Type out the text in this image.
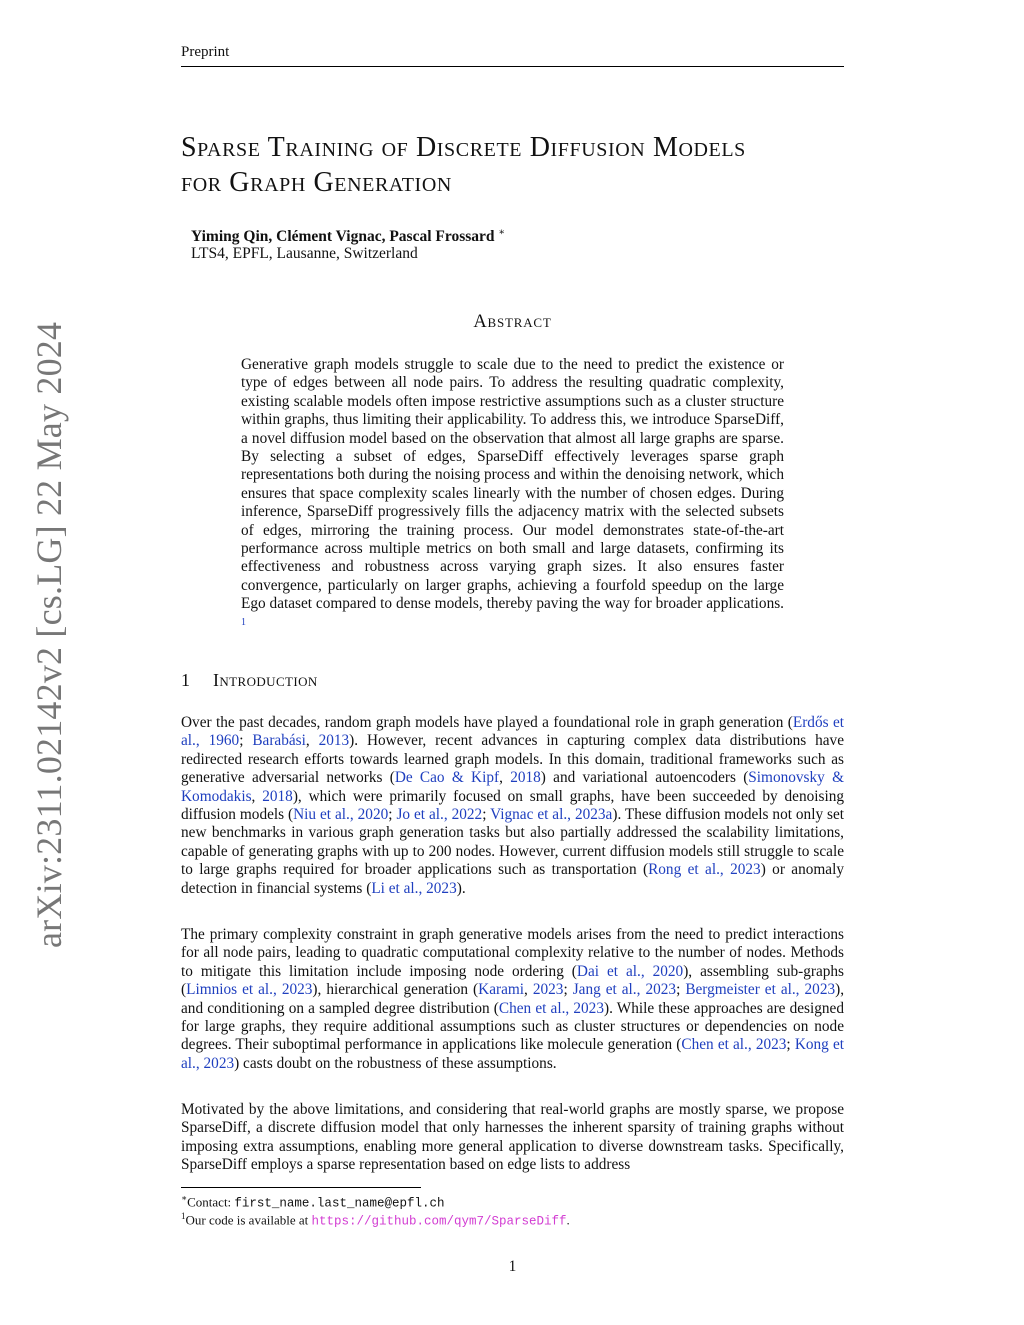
Preprint
arXiv:2311.02142v2 [cs.LG] 22 May 2024
Sparse Training of Discrete Diffusion Models
for Graph Generation
Yiming Qin, Clément Vignac, Pascal Frossard ∗
LTS4, EPFL, Lausanne, Switzerland
Abstract
Generative graph models struggle to scale due to the need to predict the existence or type of edges between all node pairs. To address the resulting quadratic complexity, existing scalable models often impose restrictive assumptions such as a cluster structure within graphs, thus limiting their applicability. To address this, we introduce SparseDiff, a novel diffusion model based on the observation that almost all large graphs are sparse. By selecting a subset of edges, SparseDiff effectively leverages sparse graph representations both during the noising process and within the denoising network, which ensures that space complexity scales linearly with the number of chosen edges. During inference, SparseDiff progressively fills the adjacency matrix with the selected subsets of edges, mirroring the training process. Our model demonstrates state-of-the-art performance across multiple metrics on both small and large datasets, confirming its effectiveness and robustness across varying graph sizes. It also ensures faster convergence, particularly on larger graphs, achieving a fourfold speedup on the large Ego dataset compared to dense models, thereby paving the way for broader applications. $^1$
1 Introduction
Over the past decades, random graph models have played a foundational role in graph generation (Erdős et al., 1960; Barabási, 2013). However, recent advances in capturing complex data distributions have redirected research efforts towards learned graph models. In this domain, traditional frameworks such as generative adversarial networks (De Cao & Kipf, 2018) and variational autoencoders (Simonovsky & Komodakis, 2018), which were primarily focused on small graphs, have been succeeded by denoising diffusion models (Niu et al., 2020; Jo et al., 2022; Vignac et al., 2023a). These diffusion models not only set new benchmarks in various graph generation tasks but also partially addressed the scalability limitations, capable of generating graphs with up to 200 nodes. However, current diffusion models still struggle to scale to large graphs required for broader applications such as transportation (Rong et al., 2023) or anomaly detection in financial systems (Li et al., 2023).
The primary complexity constraint in graph generative models arises from the need to predict interactions for all node pairs, leading to quadratic computational complexity relative to the number of nodes. Methods to mitigate this limitation include imposing node ordering (Dai et al., 2020), assembling sub-graphs (Limnios et al., 2023), hierarchical generation (Karami, 2023; Jang et al., 2023; Bergmeister et al., 2023), and conditioning on a sampled degree distribution (Chen et al., 2023). While these approaches are designed for large graphs, they require additional assumptions such as cluster structures or dependencies on node degrees. Their suboptimal performance in applications like molecule generation (Chen et al., 2023; Kong et al., 2023) casts doubt on the robustness of these assumptions.
Motivated by the above limitations, and considering that real-world graphs are mostly sparse, we propose SparseDiff, a discrete diffusion model that only harnesses the inherent sparsity of training graphs without imposing extra assumptions, enabling more general application to diverse downstream tasks. Specifically, SparseDiff employs a sparse representation based on edge lists to address
∗Contact: first_name.last_name@epfl.ch
$^1$Our code is available at https://github.com/qym7/SparseDiff.
1
